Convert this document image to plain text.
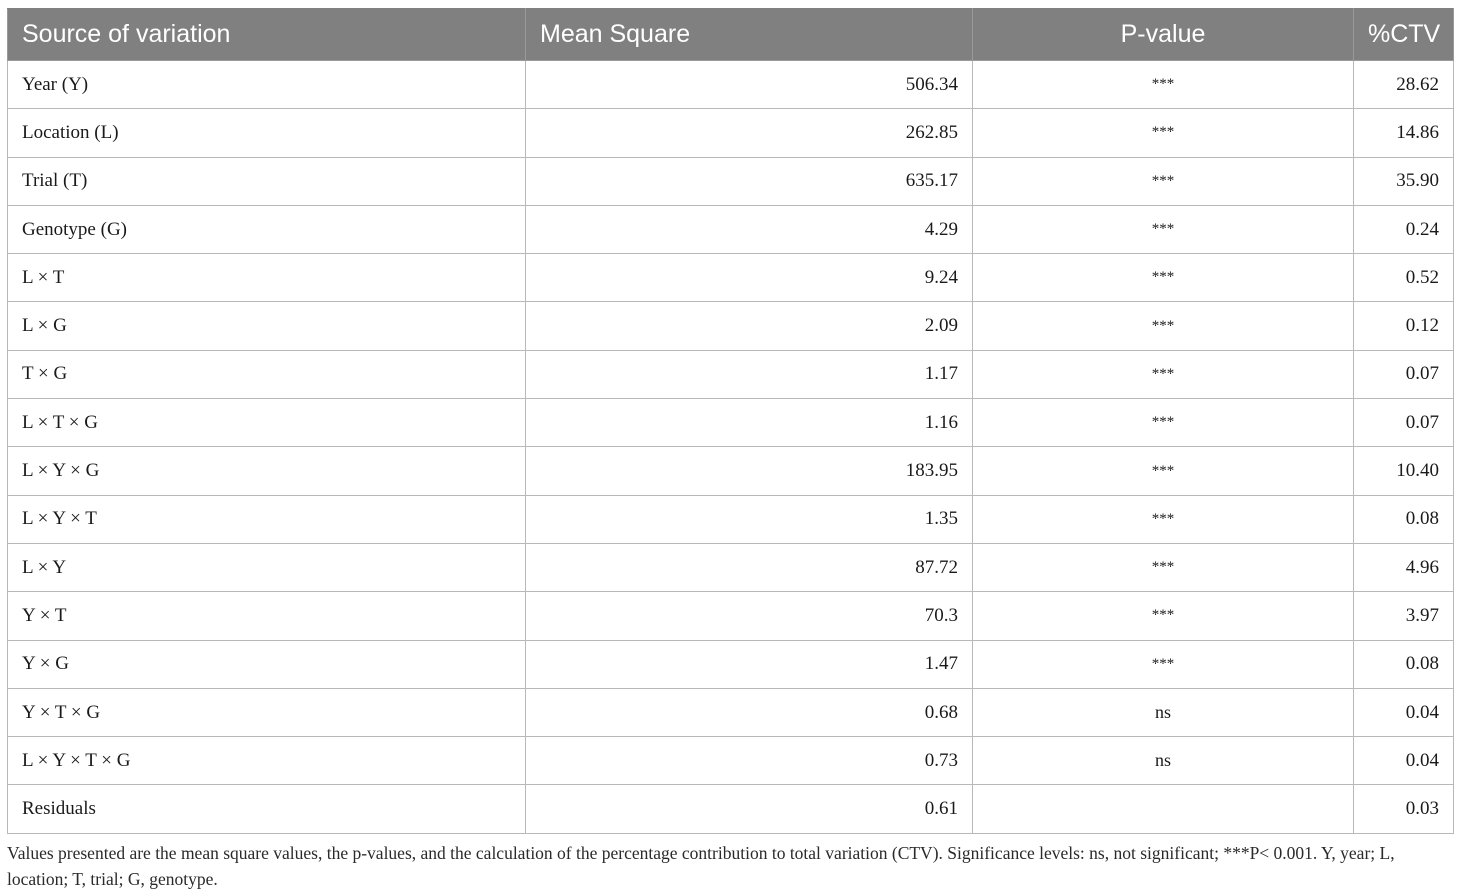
Source of variation	Mean Square	P-value	%CTV
Year (Y)	506.34	***	28.62
Location (L)	262.85	***	14.86
Trial (T)	635.17	***	35.90
Genotype (G)	4.29	***	0.24
L × T	9.24	***	0.52
L × G	2.09	***	0.12
T × G	1.17	***	0.07
L × T × G	1.16	***	0.07
L × Y × G	183.95	***	10.40
L × Y × T	1.35	***	0.08
L × Y	87.72	***	4.96
Y × T	70.3	***	3.97
Y × G	1.47	***	0.08
Y × T × G	0.68	ns	0.04
L × Y × T × G	0.73	ns	0.04
Residuals	0.61		0.03
Values presented are the mean square values, the p-values, and the calculation of the percentage contribution to total variation (CTV). Significance levels: ns, not significant; ***P< 0.001. Y, year; L, location; T, trial; G, genotype.
